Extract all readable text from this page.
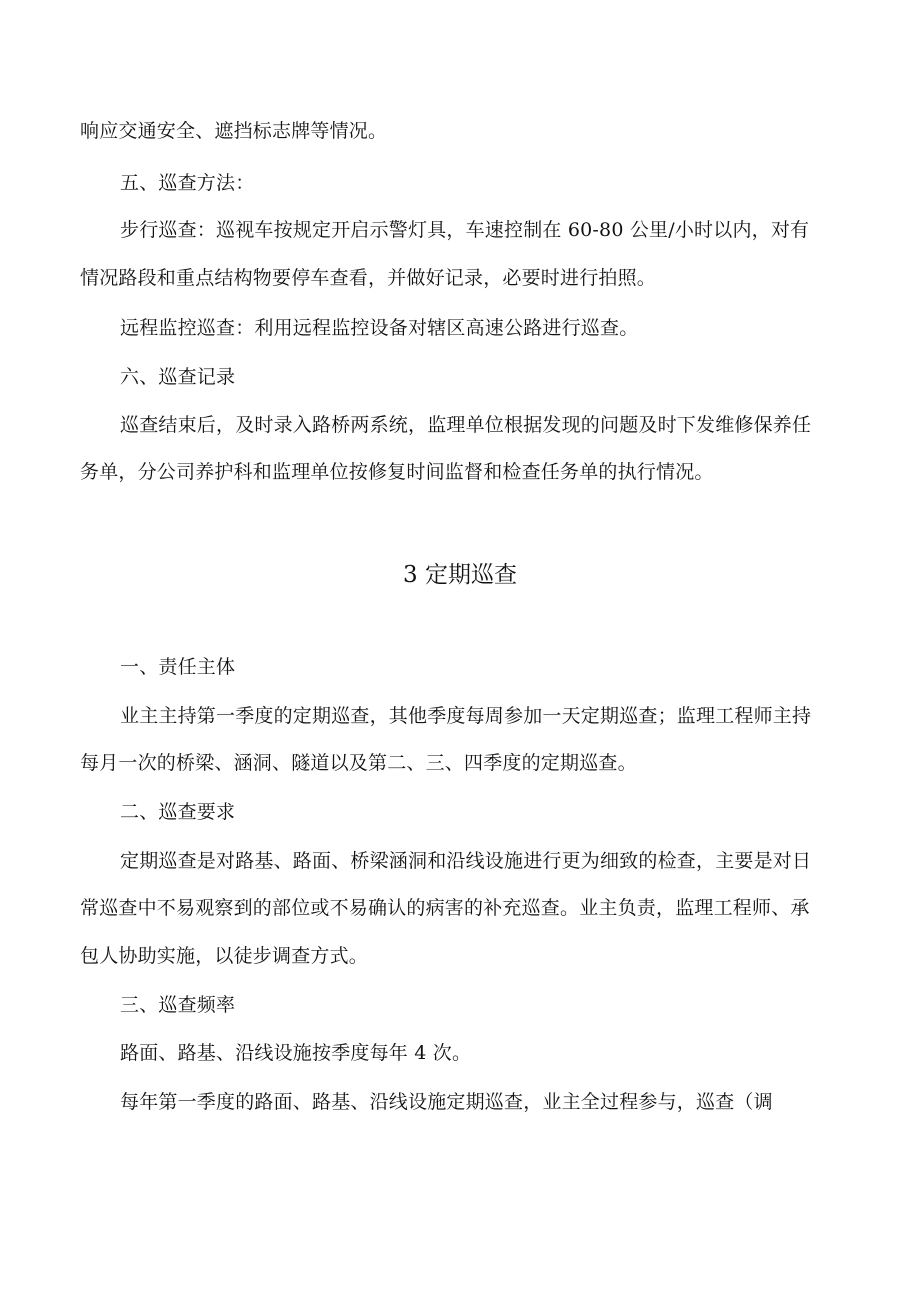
响应交通安全、遮挡标志牌等情况。
五、巡查方法：
步行巡查：巡视车按规定开启示警灯具，车速控制在 60-80 公里/小时以内，对有
情况路段和重点结构物要停车查看，并做好记录，必要时进行拍照。
远程监控巡查：利用远程监控设备对辖区高速公路进行巡查。
六、巡查记录
巡查结束后，及时录入路桥两系统，监理单位根据发现的问题及时下发维修保养任
务单，分公司养护科和监理单位按修复时间监督和检查任务单的执行情况。
3 定期巡查
一、责任主体
业主主持第一季度的定期巡查，其他季度每周参加一天定期巡查；监理工程师主持
每月一次的桥梁、涵洞、隧道以及第二、三、四季度的定期巡查。
二、巡查要求
定期巡查是对路基、路面、桥梁涵洞和沿线设施进行更为细致的检查，主要是对日
常巡查中不易观察到的部位或不易确认的病害的补充巡查。业主负责，监理工程师、承
包人协助实施，以徒步调查方式。
三、巡查频率
路面、路基、沿线设施按季度每年 4 次。
每年第一季度的路面、路基、沿线设施定期巡查，业主全过程参与，巡查（调
